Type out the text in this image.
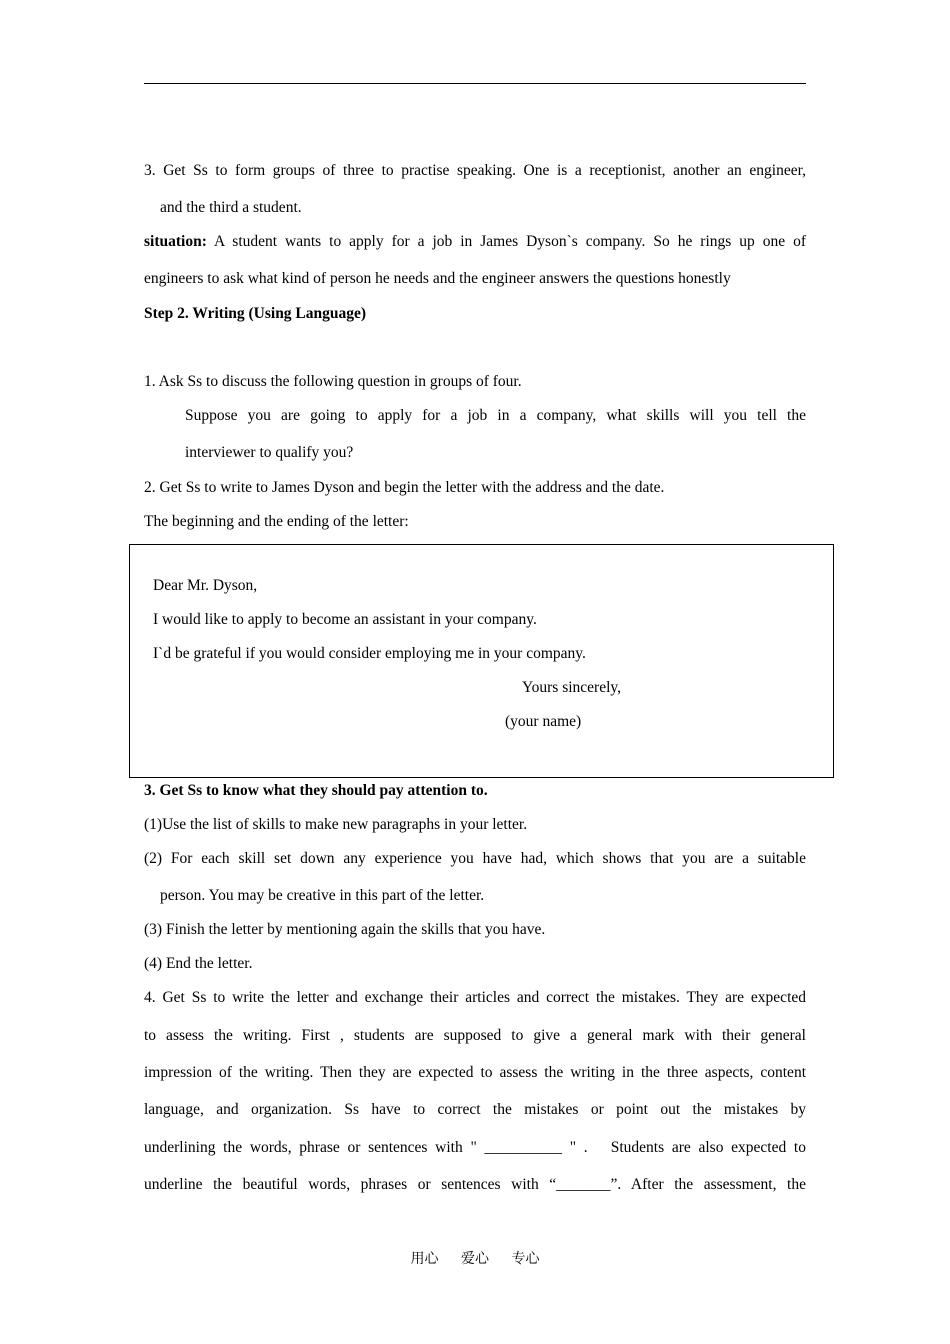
3. Get Ss to form groups of three to practise speaking. One is a receptionist, another an engineer,
and the third a student.
situation: A student wants to apply for a job in James Dyson`s company. So he rings up one of
engineers to ask what kind of person he needs and the engineer answers the questions honestly
Step 2. Writing (Using Language)
1. Ask Ss to discuss the following question in groups of four.
Suppose you are going to apply for a job in a company, what skills will you tell the
interviewer to qualify you?
2. Get Ss to write to James Dyson and begin the letter with the address and the date.
The beginning and the ending of the letter:
Dear Mr. Dyson,
I would like to apply to become an assistant in your company.
I`d be grateful if you would consider employing me in your company.
Yours sincerely,
(your name)
3. Get Ss to know what they should pay attention to.
(1)Use the list of skills to make new paragraphs in your letter.
(2) For each skill set down any experience you have had, which shows that you are a suitable
person. You may be creative in this part of the letter.
(3) Finish the letter by mentioning again the skills that you have.
(4) End the letter.
4. Get Ss to write the letter and exchange their articles and correct the mistakes. They are expected
to assess the writing. First , students are supposed to give a general mark with their general
impression of the writing. Then they are expected to assess the writing in the three aspects, content
language, and organization. Ss have to correct the mistakes or point out the mistakes by
underlining the words, phrase or sentences with " __________ " .   Students are also expected to
underline the beautiful words, phrases or sentences with “_______”. After the assessment, the
用心 爱心 专心
